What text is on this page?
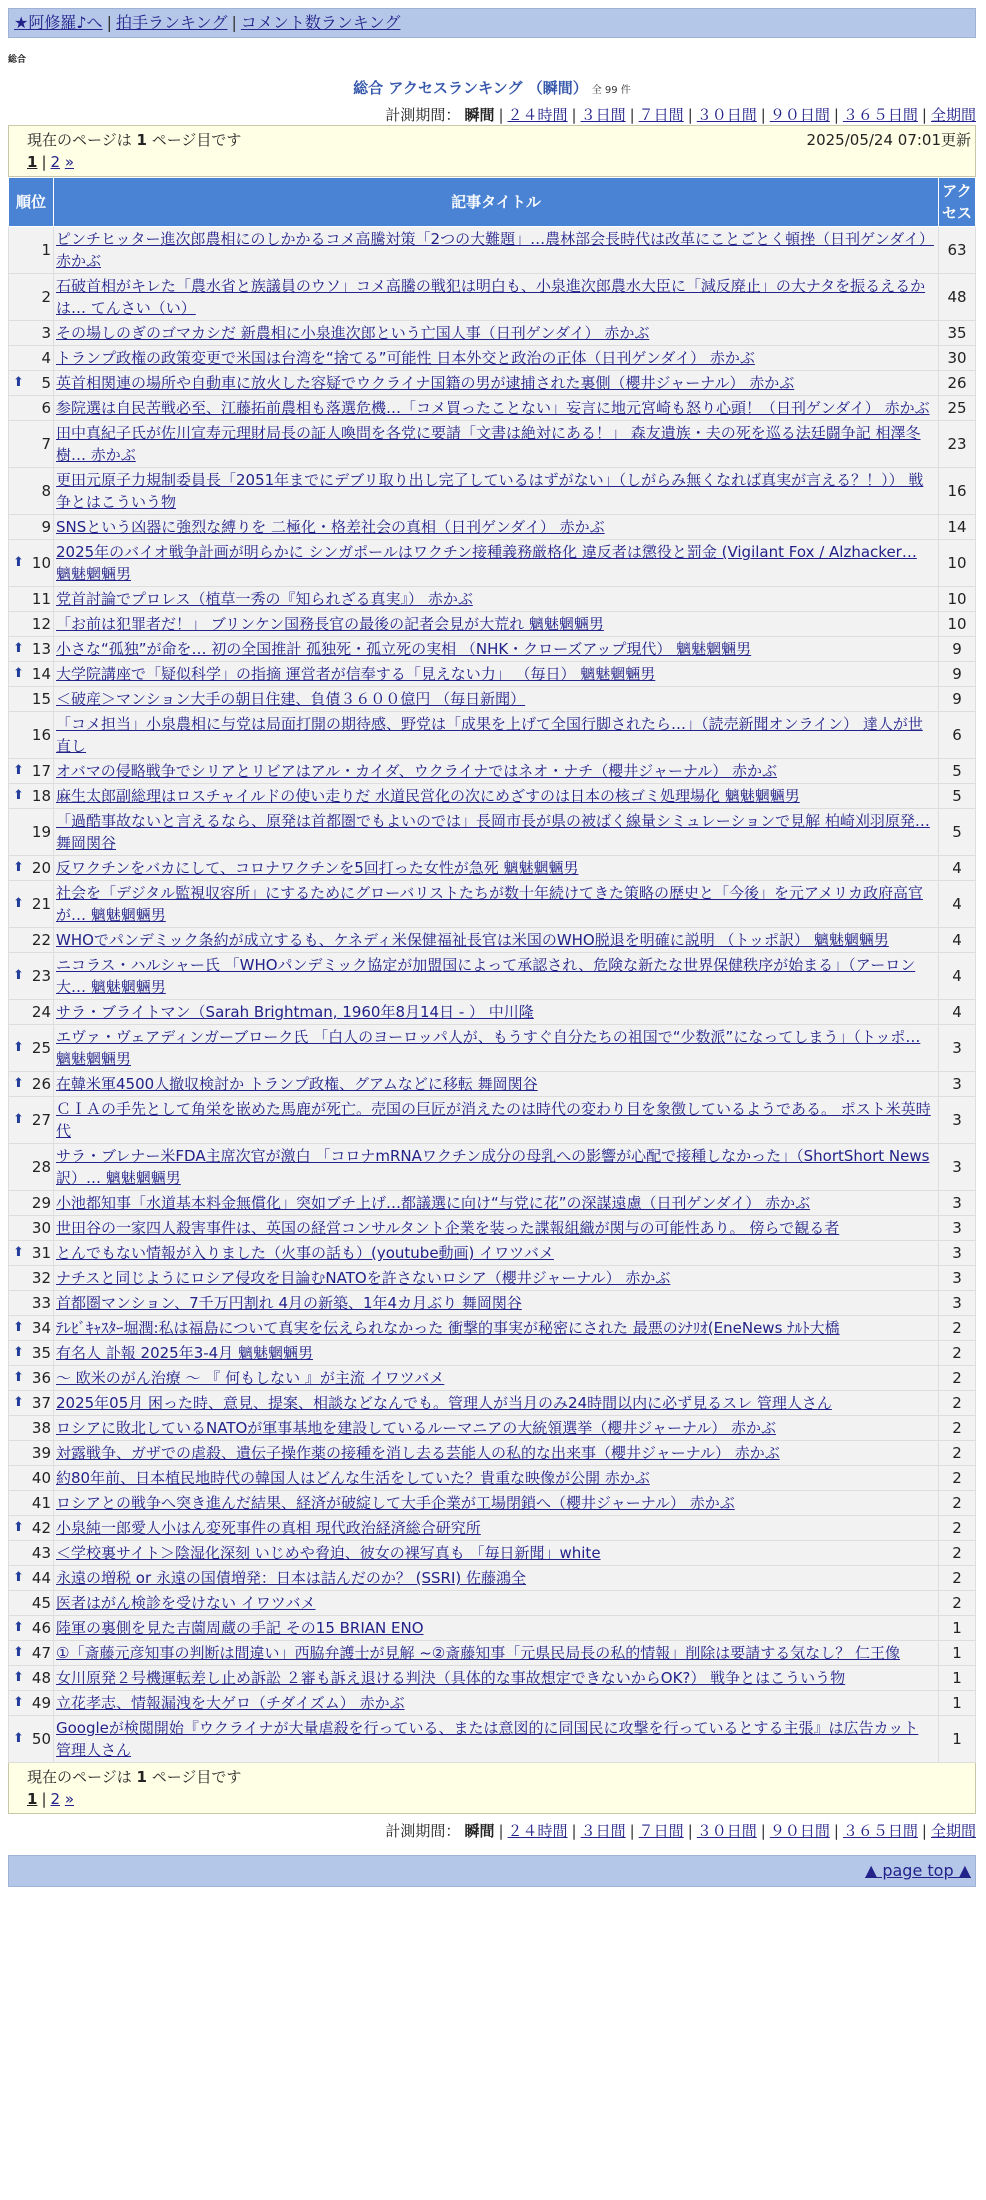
★阿修羅♪へ | 拍手ランキング | コメント数ランキング
総合
総合 アクセスランキング （瞬間） 全 99 件
計測期間： 瞬間 | ２４時間 | ３日間 | ７日間 | ３０日間 | ９０日間 | ３６５日間 | 全期間
現在のページは 1 ページ目です	2025/05/24 07:01更新
1 | 2 »
順位	記事タイトル	アクセス
1	ピンチヒッター進次郎農相にのしかかるコメ高騰対策「2つの大難題」…農林部会長時代は改革にことごとく頓挫（日刊ゲンダイ） 赤かぶ	63
2	石破首相がキレた「農水省と族議員のウソ」コメ高騰の戦犯は明白も、小泉進次郎農水大臣に「減反廃止」の大ナタを振るえるかは… てんさい（い）	48
3	その場しのぎのゴマカシだ 新農相に小泉進次郎という亡国人事（日刊ゲンダイ） 赤かぶ	35
4	トランプ政権の政策変更で米国は台湾を“捨てる”可能性 日本外交と政治の正体（日刊ゲンダイ） 赤かぶ	30

⬆ 5	英首相関連の場所や自動車に放火した容疑でウクライナ国籍の男が逮捕された裏側（櫻井ジャーナル） 赤かぶ	26
6	参院選は自民苦戦必至、江藤拓前農相も落選危機…「コメ買ったことない」妄言に地元宮崎も怒り心頭！（日刊ゲンダイ） 赤かぶ	25
7	田中真紀子氏が佐川宣寿元理財局長の証人喚問を各党に要請「文書は絶対にある！」 森友遺族・夫の死を巡る法廷闘争記 相澤冬樹… 赤かぶ	23
8	更田元原子力規制委員長「2051年までにデブリ取り出し完了しているはずがない」（しがらみ無くなれば真実が言える？！）） 戦争とはこういう物	16
9	SNSという凶器に強烈な縛りを 二極化・格差社会の真相（日刊ゲンダイ） 赤かぶ	14

⬆ 10	2025年のバイオ戦争計画が明らかに シンガポールはワクチン接種義務厳格化 違反者は懲役と罰金 (Vigilant Fox / Alzhacker… 魑魅魍魎男	10
11	党首討論でプロレス（植草一秀の『知られざる真実』） 赤かぶ	10
12	「お前は犯罪者だ！」 ブリンケン国務長官の最後の記者会見が大荒れ 魑魅魍魎男	10

⬆ 13	小さな“孤独”が命を… 初の全国推計 孤独死・孤立死の実相 （NHK・クローズアップ現代） 魑魅魍魎男	9

⬆ 14	大学院講座で「疑似科学」の指摘 運営者が信奉する「見えない力」 （毎日） 魑魅魍魎男	9
15	＜破産＞マンション大手の朝日住建、負債３６００億円 （毎日新聞）	9
16	「コメ担当」小泉農相に与党は局面打開の期待感、野党は「成果を上げて全国行脚されたら…」（読売新聞オンライン） 達人が世直し	6

⬆ 17	オバマの侵略戦争でシリアとリビアはアル・カイダ、ウクライナではネオ・ナチ（櫻井ジャーナル） 赤かぶ	5

⬆ 18	麻生太郎副総理はロスチャイルドの使い走りだ 水道民営化の次にめざすのは日本の核ゴミ処理場化 魑魅魍魎男	5
19	「過酷事故ないと言えるなら、原発は首都圏でもよいのでは」長岡市長が県の被ばく線量シミュレーションで見解 柏崎刈羽原発… 舞岡関谷	5

⬆ 20	反ワクチンをバカにして、コロナワクチンを5回打った女性が急死 魑魅魍魎男	4

⬆ 21	社会を「デジタル監視収容所」にするためにグローバリストたちが数十年続けてきた策略の歴史と「今後」を元アメリカ政府高官が… 魑魅魍魎男	4
22	WHOでパンデミック条約が成立するも、ケネディ米保健福祉長官は米国のWHO脱退を明確に説明 （トッポ訳） 魑魅魍魎男	4

⬆ 23	ニコラス・ハルシャー氏 「WHOパンデミック協定が加盟国によって承認され、危険な新たな世界保健秩序が始まる」（アーロン大… 魑魅魍魎男	4
24	サラ・ブライトマン（Sarah Brightman, 1960年8月14日 - ） 中川隆	4

⬆ 25	エヴァ・ヴェアディンガーブローク氏 「白人のヨーロッパ人が、もうすぐ自分たちの祖国で“少数派”になってしまう」（トッポ… 魑魅魍魎男	3

⬆ 26	在韓米軍4500人撤収検討か トランプ政権、グアムなどに移転 舞岡関谷	3

⬆ 27	ＣＩＡの手先として角栄を嵌めた馬鹿が死亡。売国の巨匠が消えたのは時代の変わり目を象徴しているようである。 ポスト米英時代	3
28	サラ・ブレナー米FDA主席次官が激白 「コロナmRNAワクチン成分の母乳への影響が心配で接種しなかった」（ShortShort News訳）… 魑魅魍魎男	3
29	小池都知事「水道基本料金無償化」突如ブチ上げ…都議選に向け“与党に花”の深謀遠慮（日刊ゲンダイ） 赤かぶ	3
30	世田谷の一家四人殺害事件は、英国の経営コンサルタント企業を装った諜報組織が関与の可能性あり。 傍らで観る者	3

⬆ 31	とんでもない情報が入りました（火事の話も）(youtube動画) イワツバメ	3
32	ナチスと同じようにロシア侵攻を目論むNATOを許さないロシア（櫻井ジャーナル） 赤かぶ	3
33	首都圏マンション、7千万円割れ 4月の新築、1年4カ月ぶり 舞岡関谷	3

⬆ 34	ﾃﾚﾋﾞｷｬｽﾀｰ堀潤:私は福島について真実を伝えられなかった 衝撃的事実が秘密にされた 最悪のｼﾅﾘｵ(EneNews ﾅﾙﾄ大橋	2

⬆ 35	有名人 訃報 2025年3-4月 魑魅魍魎男	2

⬆ 36	〜 欧米のがん治療 〜 『 何もしない 』が主流 イワツバメ	2

⬆ 37	2025年05月 困った時、意見、提案、相談などなんでも。管理人が当月のみ24時間以内に必ず見るスレ 管理人さん	2
38	ロシアに敗北しているNATOが軍事基地を建設しているルーマニアの大統領選挙（櫻井ジャーナル） 赤かぶ	2
39	対露戦争、ガザでの虐殺、遺伝子操作薬の接種を消し去る芸能人の私的な出来事（櫻井ジャーナル） 赤かぶ	2
40	約80年前、日本植民地時代の韓国人はどんな生活をしていた？貴重な映像が公開 赤かぶ	2
41	ロシアとの戦争へ突き進んだ結果、経済が破綻して大手企業が工場閉鎖へ（櫻井ジャーナル） 赤かぶ	2

⬆ 42	小泉純一郎愛人小はん変死事件の真相 現代政治経済総合研究所	2
43	＜学校裏サイト＞陰湿化深刻 いじめや脅迫、彼女の裸写真も 「毎日新聞」white	2

⬆ 44	永遠の増税 or 永遠の国債増発：日本は詰んだのか？ (SSRI) 佐藤鴻全	2
45	医者はがん検診を受けない イワツバメ	2

⬆ 46	陸軍の裏側を見た吉薗周蔵の手記 その15 BRIAN ENO	1

⬆ 47	①「斎藤元彦知事の判断は間違い」西脇弁護士が見解 ~②斎藤知事「元県民局長の私的情報」削除は要請する気なし？ 仁王像	1

⬆ 48	女川原発２号機運転差し止め訴訟 ２審も訴え退ける判決（具体的な事故想定できないからOK?） 戦争とはこういう物	1

⬆ 49	立花孝志、情報漏洩を大ゲロ（チダイズム） 赤かぶ	1

⬆ 50	Googleが検閲開始『ウクライナが大量虐殺を行っている、または意図的に同国民に攻撃を行っているとする主張』は広告カット 管理人さん	1
現在のページは 1 ページ目です
1 | 2 »
計測期間： 瞬間 | ２４時間 | ３日間 | ７日間 | ３０日間 | ９０日間 | ３６５日間 | 全期間
▲ page top ▲
